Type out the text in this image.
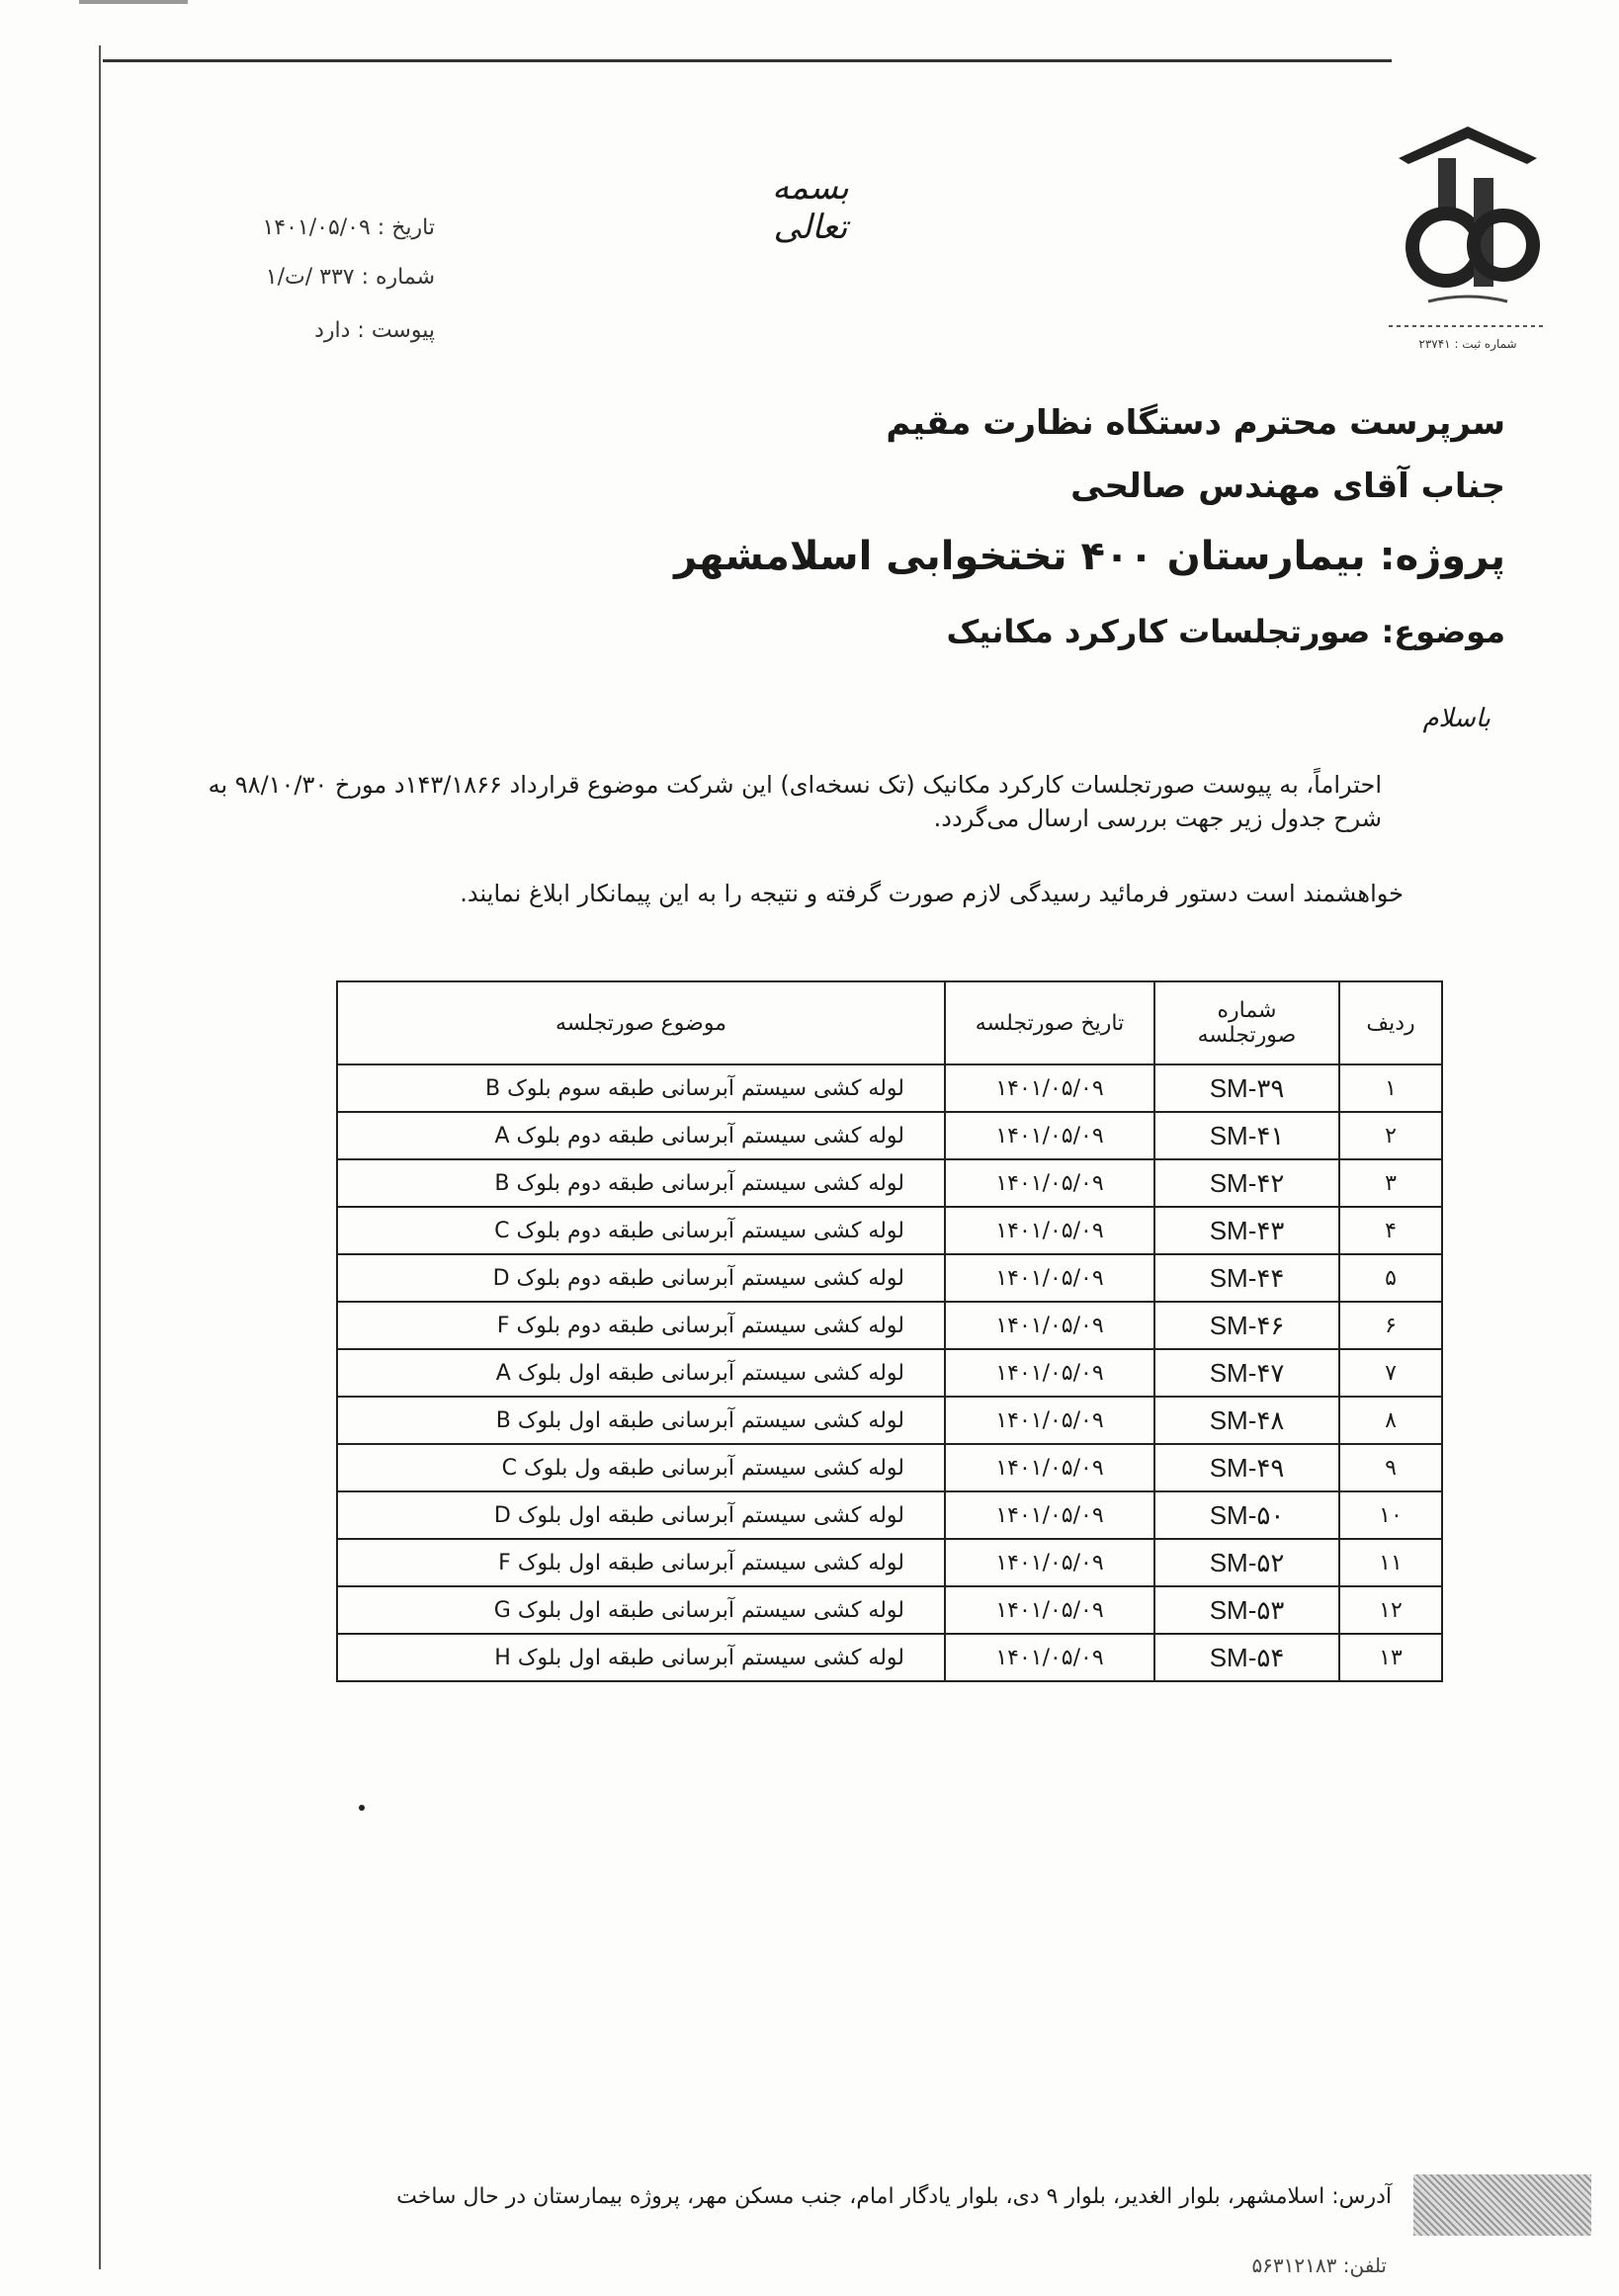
شماره ثبت : ۲۳۷۴۱
بسمه تعالی
تاریخ : ۱۴۰۱/۰۵/۰۹
شماره : ۳۳۷ /ت/۱
پیوست : دارد
سرپرست محترم دستگاه نظارت مقیم
جناب آقای مهندس صالحی
پروژه: بیمارستان ۴۰۰ تختخوابی اسلامشهر
موضوع: صورتجلسات کارکرد مکانیک
باسلام
احتراماً، به پیوست صورتجلسات کارکرد مکانیک (تک نسخه‌ای) این شرکت موضوع قرارداد ۱۴۳/۱۸۶۶د مورخ ۹۸/۱۰/۳۰ به شرح جدول زیر جهت بررسی ارسال می‌گردد.
خواهشمند است دستور فرمائید رسیدگی لازم صورت گرفته و نتیجه را به این پیمانکار ابلاغ نمایند.
ردیف	شماره صورتجلسه	تاریخ صورتجلسه	موضوع صورتجلسه
۱	SM-۳۹	۱۴۰۱/۰۵/۰۹	لوله کشی سیستم آبرسانی طبقه سوم بلوک B
۲	SM-۴۱	۱۴۰۱/۰۵/۰۹	لوله کشی سیستم آبرسانی طبقه دوم بلوک A
۳	SM-۴۲	۱۴۰۱/۰۵/۰۹	لوله کشی سیستم آبرسانی طبقه دوم بلوک B
۴	SM-۴۳	۱۴۰۱/۰۵/۰۹	لوله کشی سیستم آبرسانی طبقه دوم بلوک C
۵	SM-۴۴	۱۴۰۱/۰۵/۰۹	لوله کشی سیستم آبرسانی طبقه دوم بلوک D
۶	SM-۴۶	۱۴۰۱/۰۵/۰۹	لوله کشی سیستم آبرسانی طبقه دوم بلوک F
۷	SM-۴۷	۱۴۰۱/۰۵/۰۹	لوله کشی سیستم آبرسانی طبقه اول بلوک A
۸	SM-۴۸	۱۴۰۱/۰۵/۰۹	لوله کشی سیستم آبرسانی طبقه اول بلوک B
۹	SM-۴۹	۱۴۰۱/۰۵/۰۹	لوله کشی سیستم آبرسانی طبقه ول بلوک C
۱۰	SM-۵۰	۱۴۰۱/۰۵/۰۹	لوله کشی سیستم آبرسانی طبقه اول بلوک D
۱۱	SM-۵۲	۱۴۰۱/۰۵/۰۹	لوله کشی سیستم آبرسانی طبقه اول بلوک F
۱۲	SM-۵۳	۱۴۰۱/۰۵/۰۹	لوله کشی سیستم آبرسانی طبقه اول بلوک G
۱۳	SM-۵۴	۱۴۰۱/۰۵/۰۹	لوله کشی سیستم آبرسانی طبقه اول بلوک H
آدرس: اسلامشهر، بلوار الغدیر، بلوار ۹ دی، بلوار یادگار امام، جنب مسکن مهر، پروژه بیمارستان در حال ساخت
تلفن: ۵۶۳۱۲۱۸۳
